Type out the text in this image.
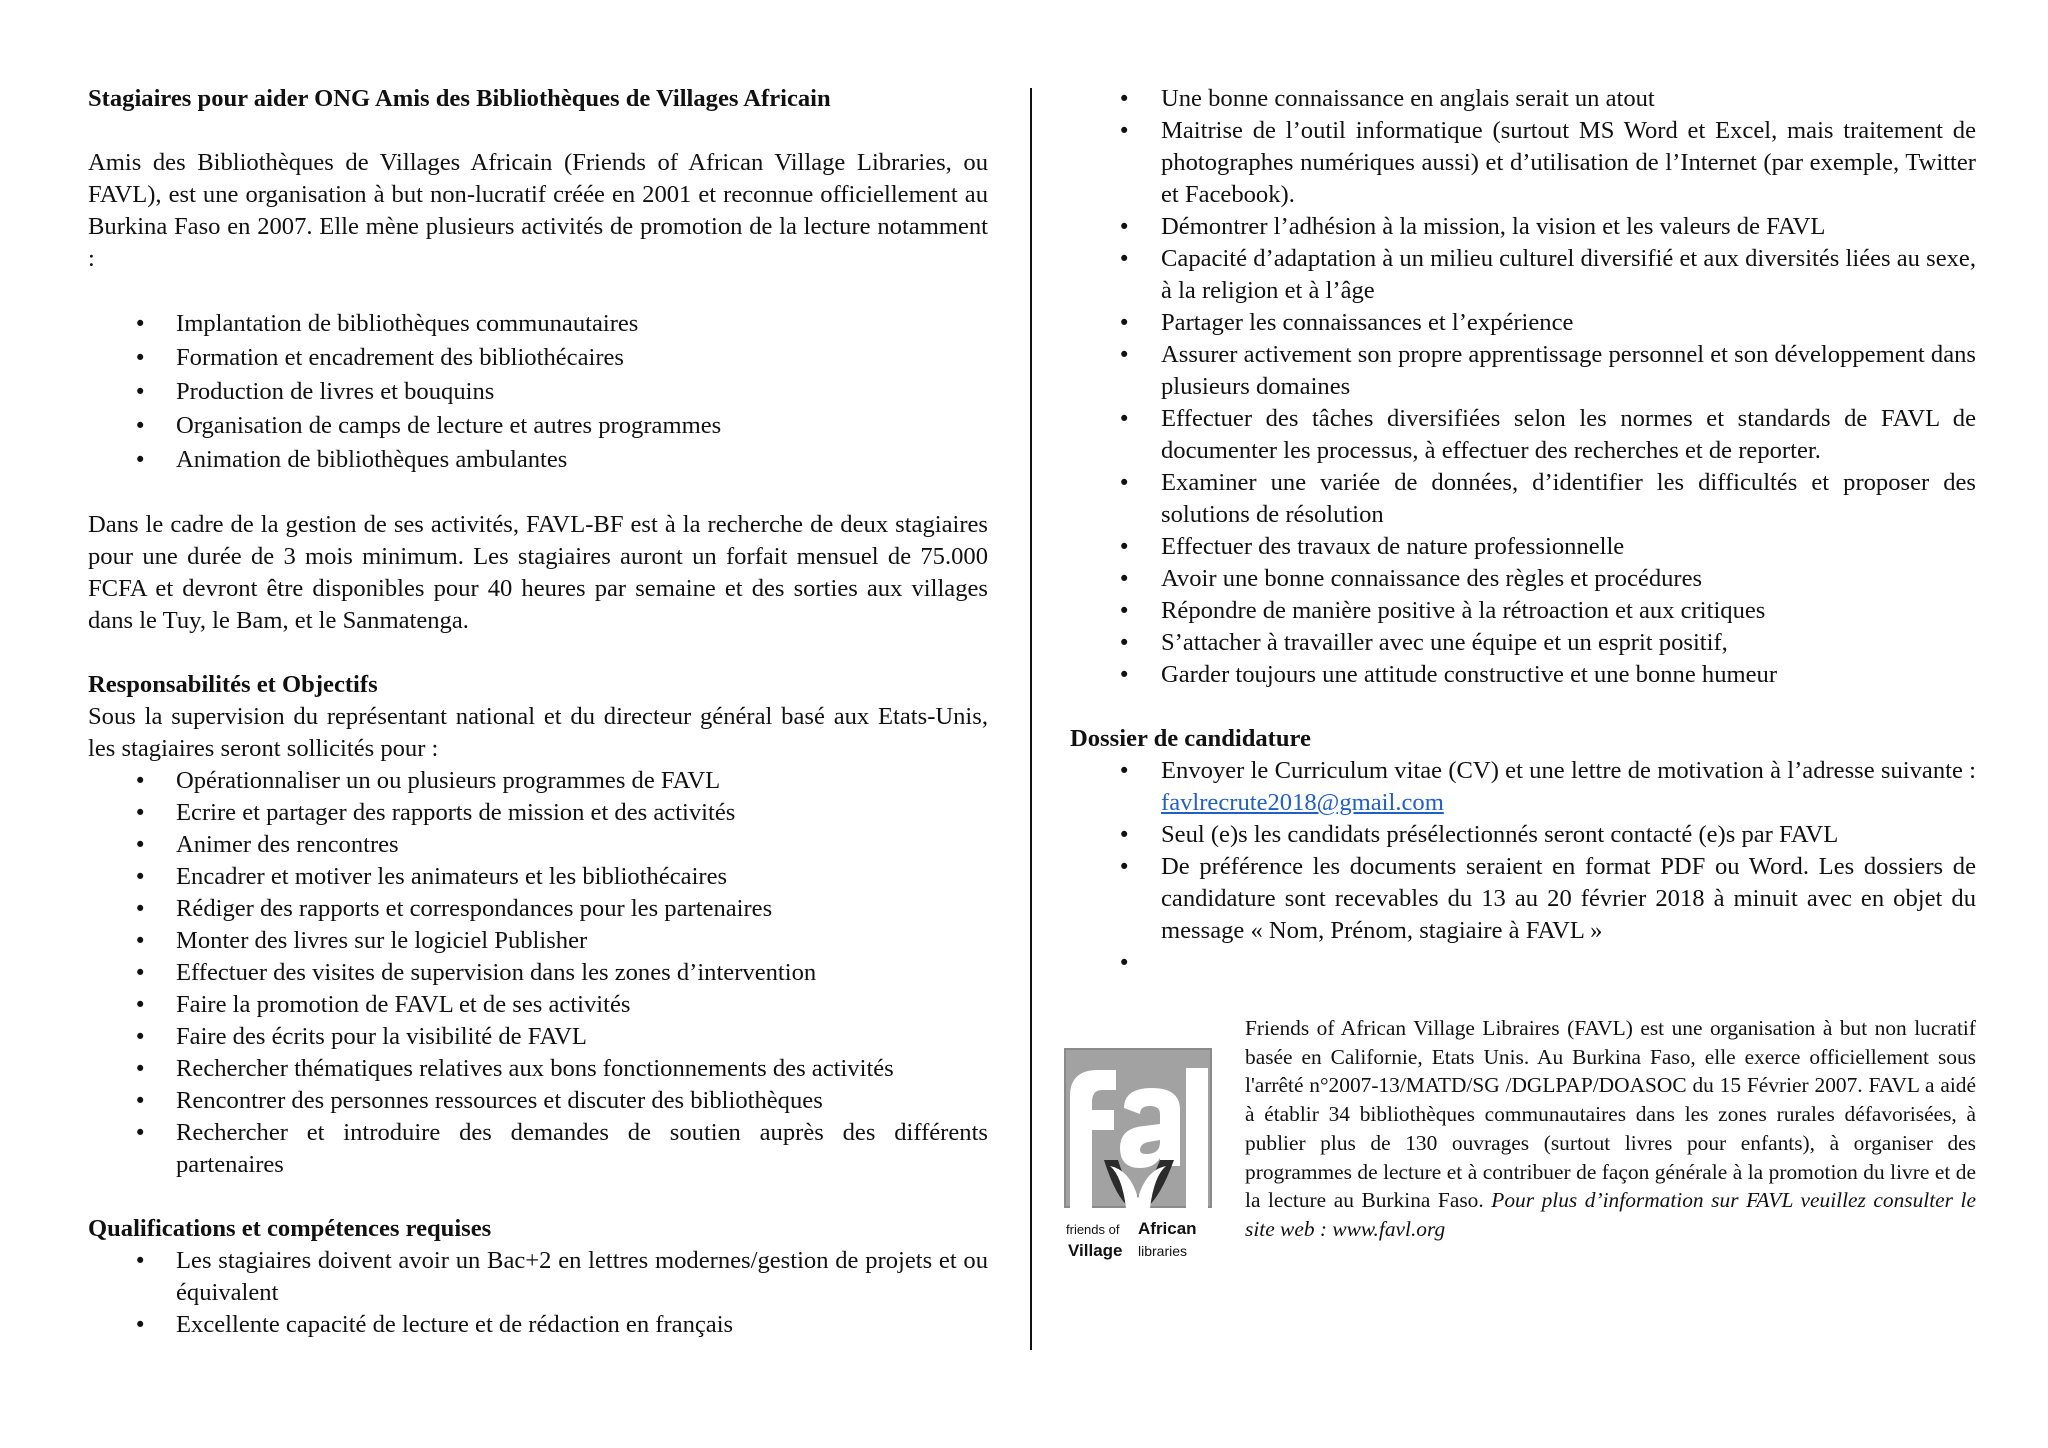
Stagiaires pour aider ONG Amis des Bibliothèques de Villages Africain

Amis des Bibliothèques de Villages Africain (Friends of African Village Libraries, ou FAVL), est une organisation à but non-lucratif créée en 2001 et reconnue officiellement au Burkina Faso en 2007. Elle mène plusieurs activités de promotion de la lecture notamment :

• Implantation de bibliothèques communautaires
• Formation et encadrement des bibliothécaires
• Production de livres et bouquins
• Organisation de camps de lecture et autres programmes
• Animation de bibliothèques ambulantes

Dans le cadre de la gestion de ses activités, FAVL-BF est à la recherche de deux stagiaires pour une durée de 3 mois minimum. Les stagiaires auront un forfait mensuel de 75.000 FCFA et devront être disponibles pour 40 heures par semaine et des sorties aux villages dans le Tuy, le Bam, et le Sanmatenga.

Responsabilités et Objectifs

Sous la supervision du représentant national et du directeur général basé aux Etats-Unis, les stagiaires seront sollicités pour :

• Opérationnaliser un ou plusieurs programmes de FAVL
• Ecrire et partager des rapports de mission et des activités
• Animer des rencontres
• Encadrer et motiver les animateurs et les bibliothécaires
• Rédiger des rapports et correspondances pour les partenaires
• Monter des livres sur le logiciel Publisher
• Effectuer des visites de supervision dans les zones d’intervention
• Faire la promotion de FAVL et de ses activités
• Faire des écrits pour la visibilité de FAVL
• Rechercher thématiques relatives aux bons fonctionnements des activités
• Rencontrer des personnes ressources et discuter des bibliothèques
• Rechercher et introduire des demandes de soutien auprès des différents partenaires
Qualifications et compétences requises
• Les stagiaires doivent avoir un Bac+2 en lettres modernes/gestion de projets et ou équivalent
• Excellente capacité de lecture et de rédaction en français
• Une bonne connaissance en anglais serait un atout
• Maitrise de l’outil informatique (surtout MS Word et Excel, mais traitement de photographes numériques aussi) et d’utilisation de l’Internet (par exemple, Twitter et Facebook).
• Démontrer l’adhésion à la mission, la vision et les valeurs de FAVL
• Capacité d’adaptation à un milieu culturel diversifié et aux diversités liées au sexe, à la religion et à l’âge
• Partager les connaissances et l’expérience
• Assurer activement son propre apprentissage personnel et son développement dans plusieurs domaines
• Effectuer des tâches diversifiées selon les normes et standards de FAVL de documenter les processus, à effectuer des recherches et de reporter.
• Examiner une variée de données, d’identifier les difficultés et proposer des solutions de résolution
• Effectuer des travaux de nature professionnelle
• Avoir une bonne connaissance des règles et procédures
• Répondre de manière positive à la rétroaction et aux critiques
• S’attacher à travailler avec une équipe et un esprit positif,
• Garder toujours une attitude constructive et une bonne humeur
Dossier de candidature
• Envoyer le Curriculum vitae (CV) et une lettre de motivation à l’adresse suivante : favlrecrute2018@gmail.com
• Seul (e)s les candidats présélectionnés seront contacté (e)s par FAVL
• De préférence les documents seraient en format PDF ou Word. Les dossiers de candidature sont recevables du 13 au 20 février 2018 à minuit avec en objet du message « Nom, Prénom, stagiaire à FAVL »
•
friends of African
Village libraries
Friends of African Village Libraires (FAVL) est une organisation à but non lucratif basée en Californie, Etats Unis. Au Burkina Faso, elle exerce officiellement sous l'arrêté n°2007-13/MATD/SG /DGLPAP/DOASOC du 15 Février 2007. FAVL a aidé à établir 34 bibliothèques communautaires dans les zones rurales défavorisées, à publier plus de 130 ouvrages (surtout livres pour enfants), à organiser des programmes de lecture et à contribuer de façon générale à la promotion du livre et de la lecture au Burkina Faso. Pour plus d’information sur FAVL veuillez consulter le site web : www.favl.org
